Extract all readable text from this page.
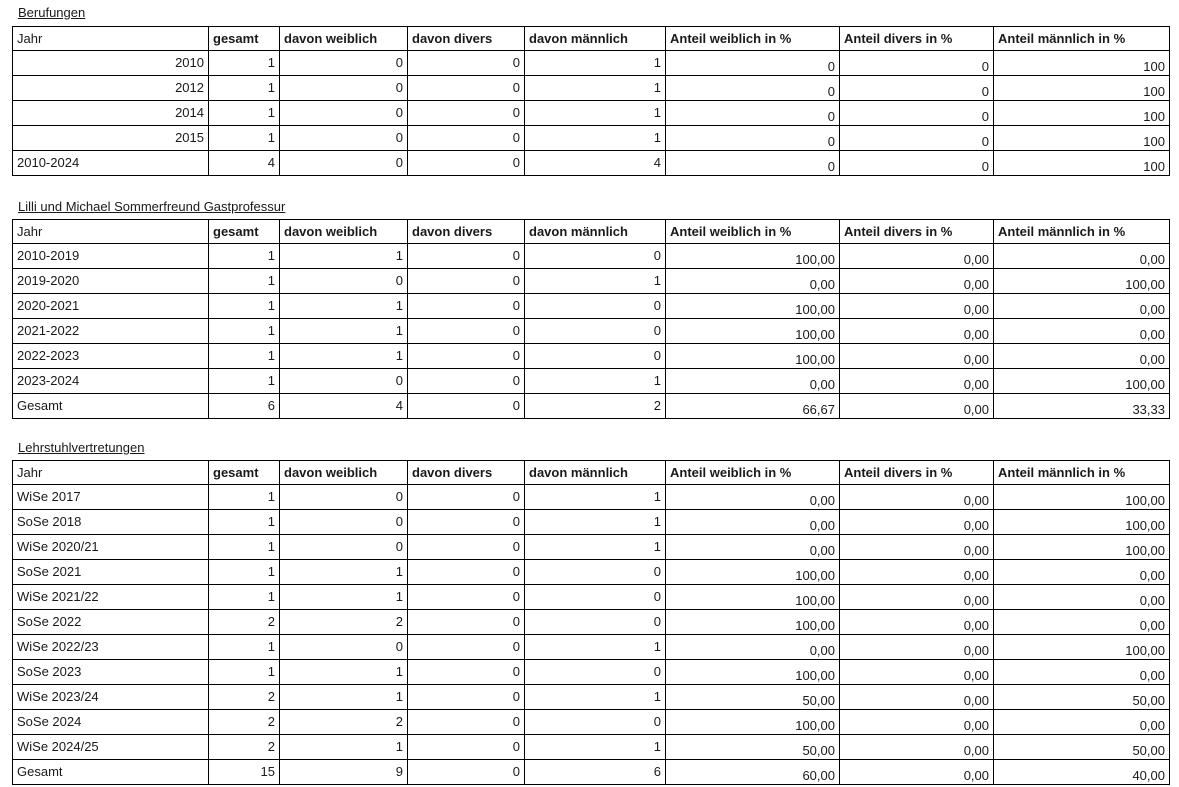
Berufungen
Jahr	gesamt	davon weiblich	davon divers	davon männlich	Anteil weiblich in %	Anteil divers in %	Anteil männlich in %
2010	1	0	0	1	0	0	100
2012	1	0	0	1	0	0	100
2014	1	0	0	1	0	0	100
2015	1	0	0	1	0	0	100
2010-2024	4	0	0	4	0	0	100
Lilli und Michael Sommerfreund Gastprofessur
Jahr	gesamt	davon weiblich	davon divers	davon männlich	Anteil weiblich in %	Anteil divers in %	Anteil männlich in %
2010-2019	1	1	0	0	100,00	0,00	0,00
2019-2020	1	0	0	1	0,00	0,00	100,00
2020-2021	1	1	0	0	100,00	0,00	0,00
2021-2022	1	1	0	0	100,00	0,00	0,00
2022-2023	1	1	0	0	100,00	0,00	0,00
2023-2024	1	0	0	1	0,00	0,00	100,00
Gesamt	6	4	0	2	66,67	0,00	33,33
Lehrstuhlvertretungen
Jahr	gesamt	davon weiblich	davon divers	davon männlich	Anteil weiblich in %	Anteil divers in %	Anteil männlich in %
WiSe 2017	1	0	0	1	0,00	0,00	100,00
SoSe 2018	1	0	0	1	0,00	0,00	100,00
WiSe 2020/21	1	0	0	1	0,00	0,00	100,00
SoSe 2021	1	1	0	0	100,00	0,00	0,00
WiSe 2021/22	1	1	0	0	100,00	0,00	0,00
SoSe 2022	2	2	0	0	100,00	0,00	0,00
WiSe 2022/23	1	0	0	1	0,00	0,00	100,00
SoSe 2023	1	1	0	0	100,00	0,00	0,00
WiSe 2023/24	2	1	0	1	50,00	0,00	50,00
SoSe 2024	2	2	0	0	100,00	0,00	0,00
WiSe 2024/25	2	1	0	1	50,00	0,00	50,00
Gesamt	15	9	0	6	60,00	0,00	40,00
